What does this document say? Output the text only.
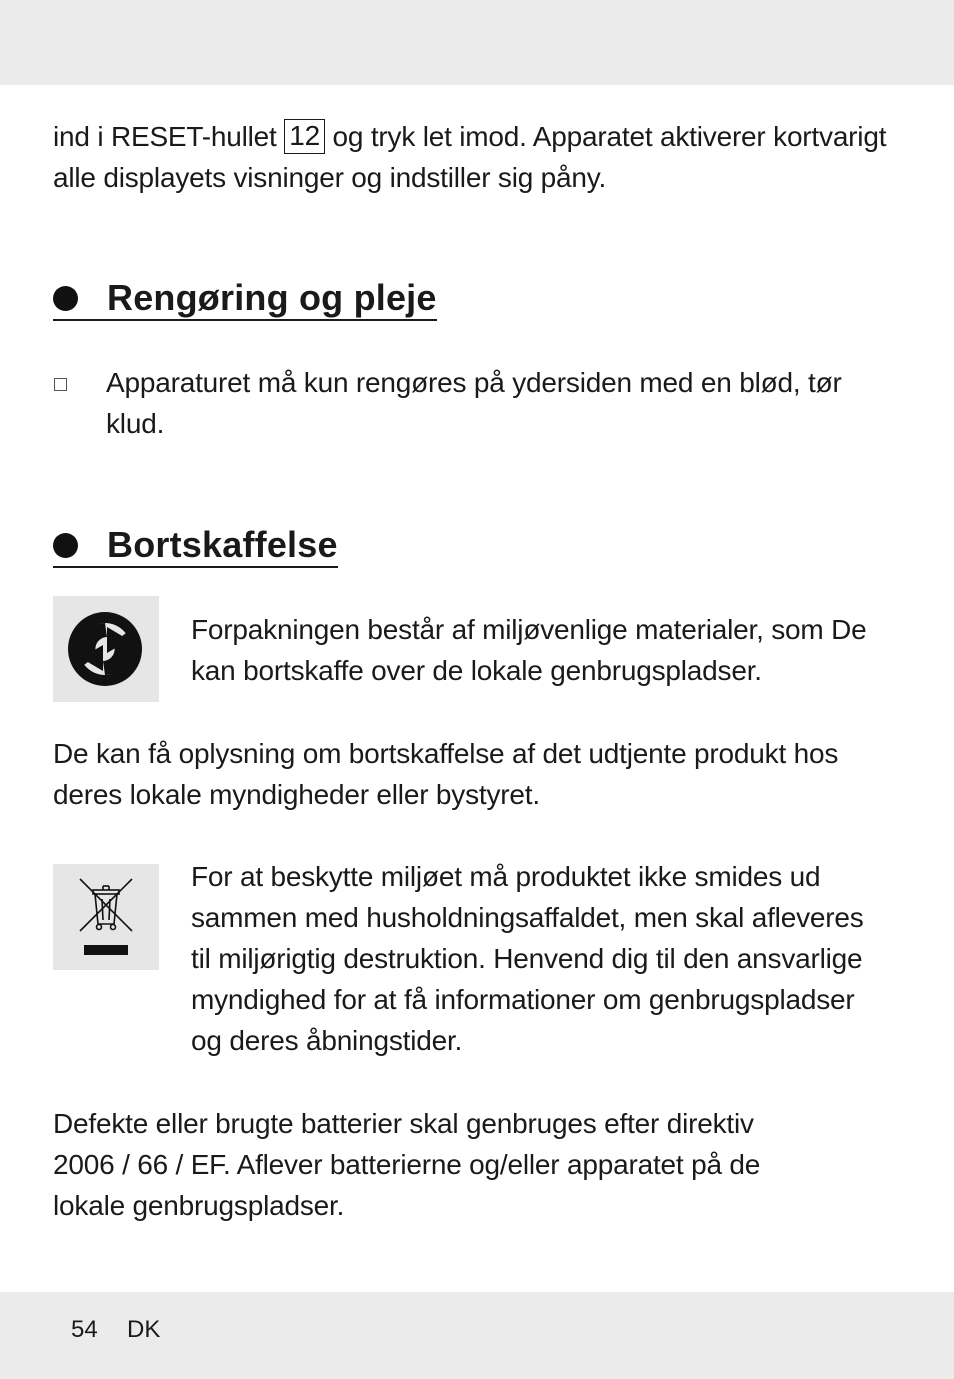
ind i RESET-hullet 12 og tryk let imod. Apparatet aktiverer kortvarigt
alle displayets visninger og indstiller sig påny.

Rengøring og pleje

Apparaturet må kun rengøres på ydersiden med en blød, tør
klud.

Bortskaffelse

Forpakningen består af miljøvenlige materialer, som De
kan bortskaffe over de lokale genbrugspladser.

De kan få oplysning om bortskaffelse af det udtjente produkt hos
deres lokale myndigheder eller bystyret.

For at beskytte miljøet må produktet ikke smides ud
sammen med husholdningsaffaldet, men skal afleveres
til miljørigtig destruktion. Henvend dig til den ansvarlige
myndighed for at få informationer om genbrugspladser
og deres åbningstider.

Defekte eller brugte batterier skal genbruges efter direktiv
2006 / 66 / EF. Aflever batterierne og/eller apparatet på de
lokale genbrugspladser.

54 DK
